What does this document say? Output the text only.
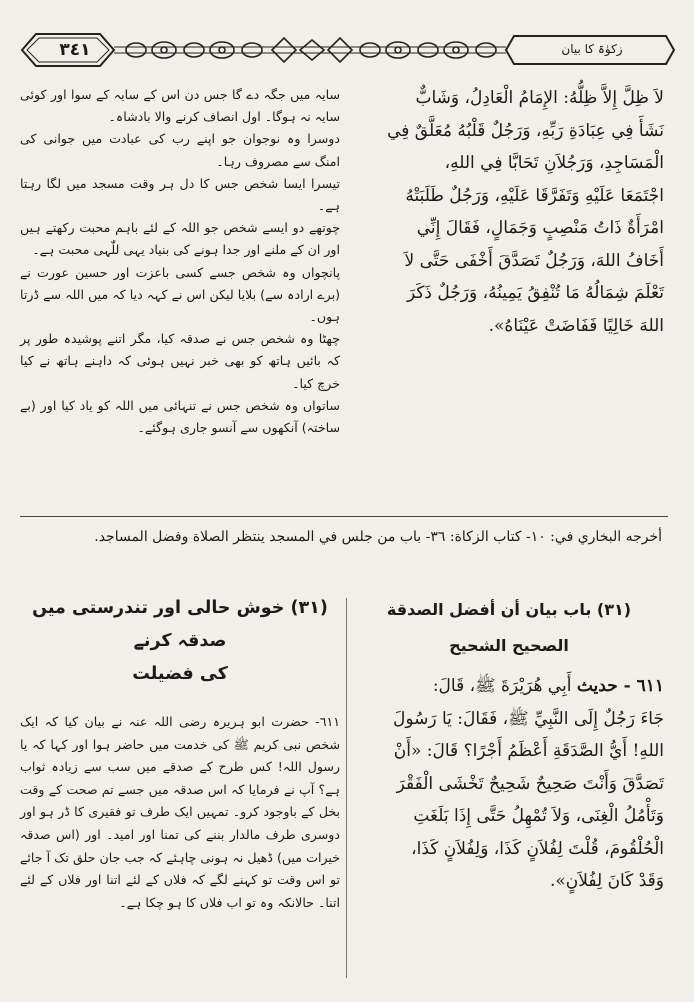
٣٤١	زکوٰۃ کا بیان
لاَ ظِلَّ إِلاَّ ظِلُّهُ: الإِمَامُ الْعَادِلُ، وَشَابٌّ
نَشَأَ فِي عِبَادَةِ رَبِّهِ، وَرَجُلٌ قَلْبُهُ مُعَلَّقٌ فِي
الْمَسَاجِدِ، وَرَجُلاَنِ تَحَابَّا فِي اللهِ،
اجْتَمَعَا عَلَيْهِ وَتَفَرَّقَا عَلَيْهِ، وَرَجُلٌ طَلَبَتْهُ
امْرَأَةٌ ذَاتُ مَنْصِبٍ وَجَمَالٍ، فَقَالَ إِنِّي
أَخَافُ اللهَ، وَرَجُلٌ تَصَدَّقَ أَخْفَى حَتَّى لاَ
تَعْلَمَ شِمَالُهُ مَا تُنْفِقُ يَمِينُهُ، وَرَجُلٌ ذَكَرَ
اللهَ خَالِيًا فَفَاضَتْ عَيْنَاهُ».

سایہ میں جگہ دے گا جس دن اس کے سایہ کے سوا اور کوئی سایہ نہ ہوگا۔ اول انصاف کرنے والا بادشاہ۔

دوسرا وہ نوجوان جو اپنے رب کی عبادت میں جوانی کی امنگ سے مصروف رہا۔

تیسرا ایسا شخص جس کا دل ہر وقت مسجد میں لگا رہتا ہے۔

چوتھے دو ایسے شخص جو اللہ کے لئے باہم محبت رکھتے ہیں اور ان کے ملنے اور جدا ہونے کی بنیاد یہی للّٰہی محبت ہے۔

پانچواں وہ شخص جسے کسی باعزت اور حسین عورت نے (برے ارادہ سے) بلایا لیکن اس نے کہہ دیا کہ میں اللہ سے ڈرتا ہوں۔

چھٹا وہ شخص جس نے صدقہ کیا، مگر اتنے پوشیدہ طور پر کہ بائیں ہاتھ کو بھی خبر نہیں ہوئی کہ داہنے ہاتھ نے کیا خرچ کیا۔

ساتواں وہ شخص جس نے تنہائی میں اللہ کو یاد کیا اور (بے ساختہ) آنکھوں سے آنسو جاری ہوگئے۔

أخرجه البخاري في: ١٠- كتاب الزكاة: ٣٦- باب من جلس في المسجد ينتظر الصلاة وفضل المساجد.
(٣١) باب بيان أن أفضل الصدقة
الصحيح الشحيح
٦١١ - حديث أَبِي هُرَيْرَةَ ﷺ، قَالَ:
جَاءَ رَجُلٌ إِلَى النَّبِيِّ ﷺ، فَقَالَ: يَا رَسُولَ
اللهِ! أَيُّ الصَّدَقَةِ أَعْظَمُ أَجْرًا؟ قَالَ: «أَنْ
تَصَدَّقَ وَأَنْتَ صَحِيحٌ شَحِيحٌ تَخْشَى الْفَقْرَ
وَتَأْمُلُ الْغِنَى، وَلاَ تُمْهِلُ حَتَّى إِذَا بَلَغَتِ
الْحُلْقُومَ، قُلْتَ لِفُلاَنٍ كَذَا، وَلِفُلاَنٍ كَذَا،
وَقَدْ كَانَ لِفُلاَنٍ».
(٣١) خوش حالی اور تندرستی میں صدقہ کرنے
کی فضیلت
٦١١- حضرت ابو ہریرہ رضی اللہ عنہ نے بیان کیا کہ ایک شخص نبی کریم ﷺ کی خدمت میں حاضر ہوا اور کہا کہ یا رسول اللہ! کس طرح کے صدقے میں سب سے زیادہ ثواب ہے؟ آپ نے فرمایا کہ اس صدقہ میں جسے تم صحت کے وقت بخل کے باوجود کرو۔ تمہیں ایک طرف تو فقیری کا ڈر ہو اور دوسری طرف مالدار بننے کی تمنا اور امید۔ اور (اس صدقہ خیرات میں) ڈھیل نہ ہونی چاہئے کہ جب جان حلق تک آ جائے تو اس وقت تو کہنے لگے کہ فلاں کے لئے اتنا اور فلاں کے لئے اتنا۔ حالانکہ وہ تو اب فلاں کا ہو چکا ہے۔
